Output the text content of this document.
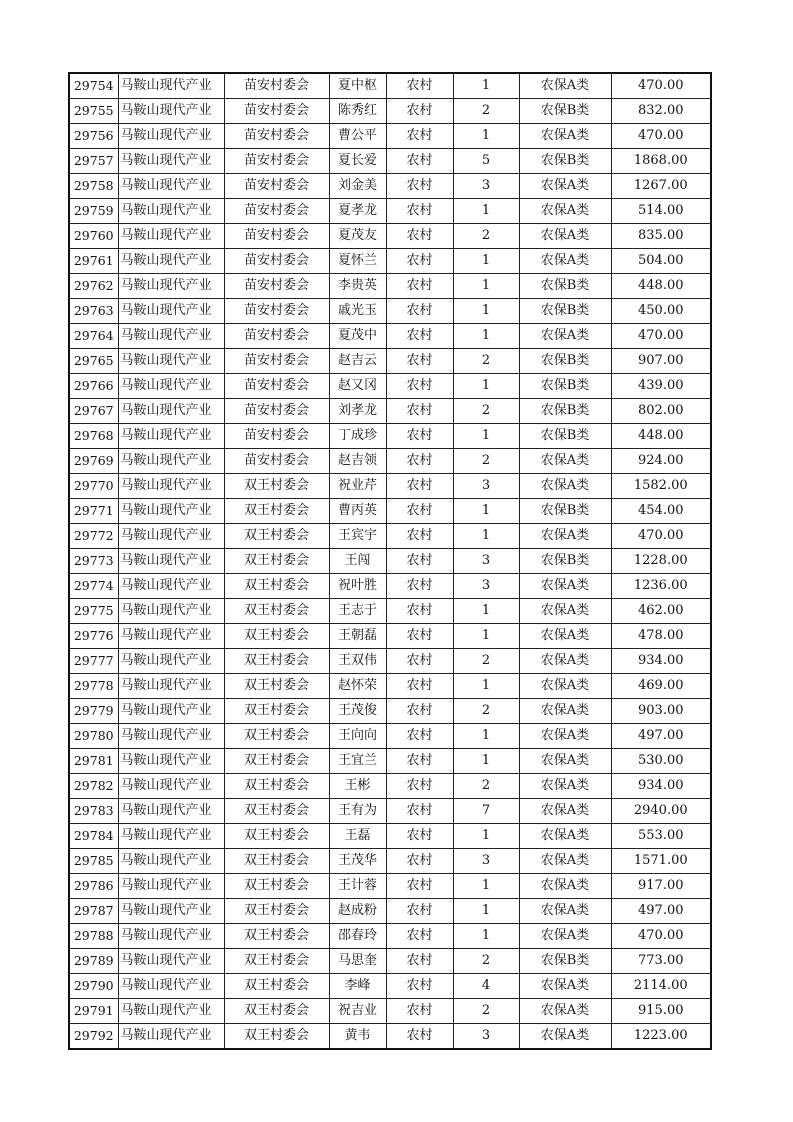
29754	马鞍山现代产业	苗安村委会	夏中枢	农村	1	农保A类	470.00
29755	马鞍山现代产业	苗安村委会	陈秀红	农村	2	农保B类	832.00
29756	马鞍山现代产业	苗安村委会	曹公平	农村	1	农保A类	470.00
29757	马鞍山现代产业	苗安村委会	夏长爱	农村	5	农保B类	1868.00
29758	马鞍山现代产业	苗安村委会	刘金美	农村	3	农保A类	1267.00
29759	马鞍山现代产业	苗安村委会	夏孝龙	农村	1	农保A类	514.00
29760	马鞍山现代产业	苗安村委会	夏茂友	农村	2	农保A类	835.00
29761	马鞍山现代产业	苗安村委会	夏怀兰	农村	1	农保A类	504.00
29762	马鞍山现代产业	苗安村委会	李贵英	农村	1	农保B类	448.00
29763	马鞍山现代产业	苗安村委会	戚光玉	农村	1	农保B类	450.00
29764	马鞍山现代产业	苗安村委会	夏茂中	农村	1	农保A类	470.00
29765	马鞍山现代产业	苗安村委会	赵吉云	农村	2	农保B类	907.00
29766	马鞍山现代产业	苗安村委会	赵又冈	农村	1	农保B类	439.00
29767	马鞍山现代产业	苗安村委会	刘孝龙	农村	2	农保B类	802.00
29768	马鞍山现代产业	苗安村委会	丁成珍	农村	1	农保B类	448.00
29769	马鞍山现代产业	苗安村委会	赵吉领	农村	2	农保A类	924.00
29770	马鞍山现代产业	双王村委会	祝业芹	农村	3	农保A类	1582.00
29771	马鞍山现代产业	双王村委会	曹丙英	农村	1	农保B类	454.00
29772	马鞍山现代产业	双王村委会	王宾宇	农村	1	农保A类	470.00
29773	马鞍山现代产业	双王村委会	王闯	农村	3	农保B类	1228.00
29774	马鞍山现代产业	双王村委会	祝叶胜	农村	3	农保A类	1236.00
29775	马鞍山现代产业	双王村委会	王志于	农村	1	农保A类	462.00
29776	马鞍山现代产业	双王村委会	王朝磊	农村	1	农保A类	478.00
29777	马鞍山现代产业	双王村委会	王双伟	农村	2	农保A类	934.00
29778	马鞍山现代产业	双王村委会	赵怀荣	农村	1	农保A类	469.00
29779	马鞍山现代产业	双王村委会	王茂俊	农村	2	农保A类	903.00
29780	马鞍山现代产业	双王村委会	王向向	农村	1	农保A类	497.00
29781	马鞍山现代产业	双王村委会	王宜兰	农村	1	农保A类	530.00
29782	马鞍山现代产业	双王村委会	王彬	农村	2	农保A类	934.00
29783	马鞍山现代产业	双王村委会	王有为	农村	7	农保A类	2940.00
29784	马鞍山现代产业	双王村委会	王磊	农村	1	农保A类	553.00
29785	马鞍山现代产业	双王村委会	王茂华	农村	3	农保A类	1571.00
29786	马鞍山现代产业	双王村委会	王计蓉	农村	1	农保A类	917.00
29787	马鞍山现代产业	双王村委会	赵成粉	农村	1	农保A类	497.00
29788	马鞍山现代产业	双王村委会	邵春玲	农村	1	农保A类	470.00
29789	马鞍山现代产业	双王村委会	马思奎	农村	2	农保B类	773.00
29790	马鞍山现代产业	双王村委会	李峰	农村	4	农保A类	2114.00
29791	马鞍山现代产业	双王村委会	祝吉业	农村	2	农保A类	915.00
29792	马鞍山现代产业	双王村委会	黄韦	农村	3	农保A类	1223.00
